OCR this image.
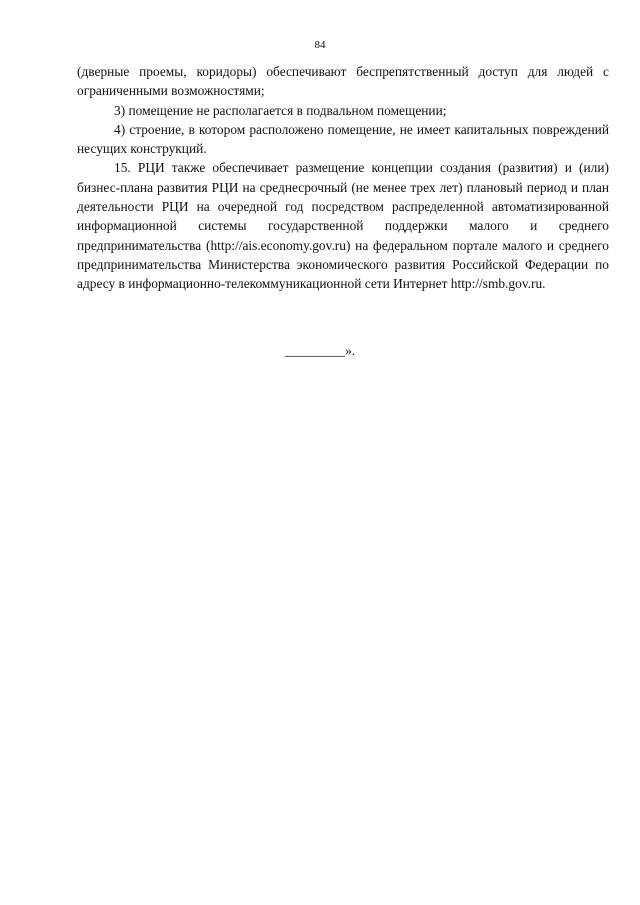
84

(дверные проемы, коридоры) обеспечивают беспрепятственный доступ для людей с ограниченными возможностями;

3) помещение не располагается в подвальном помещении;

4) строение, в котором расположено помещение, не имеет капитальных повреждений несущих конструкций.

15. РЦИ также обеспечивает размещение концепции создания (развития) и (или) бизнес-плана развития РЦИ на среднесрочный (не менее трех лет) плановый период и план деятельности РЦИ на очередной год посредством распределенной автоматизированной информационной системы государственной поддержки малого и среднего предпринимательства (http://ais.economy.gov.ru) на федеральном портале малого и среднего предпринимательства Министерства экономического развития Российской Федерации по адресу в информационно-телекоммуникационной сети Интернет http://smb.gov.ru.

_________».
